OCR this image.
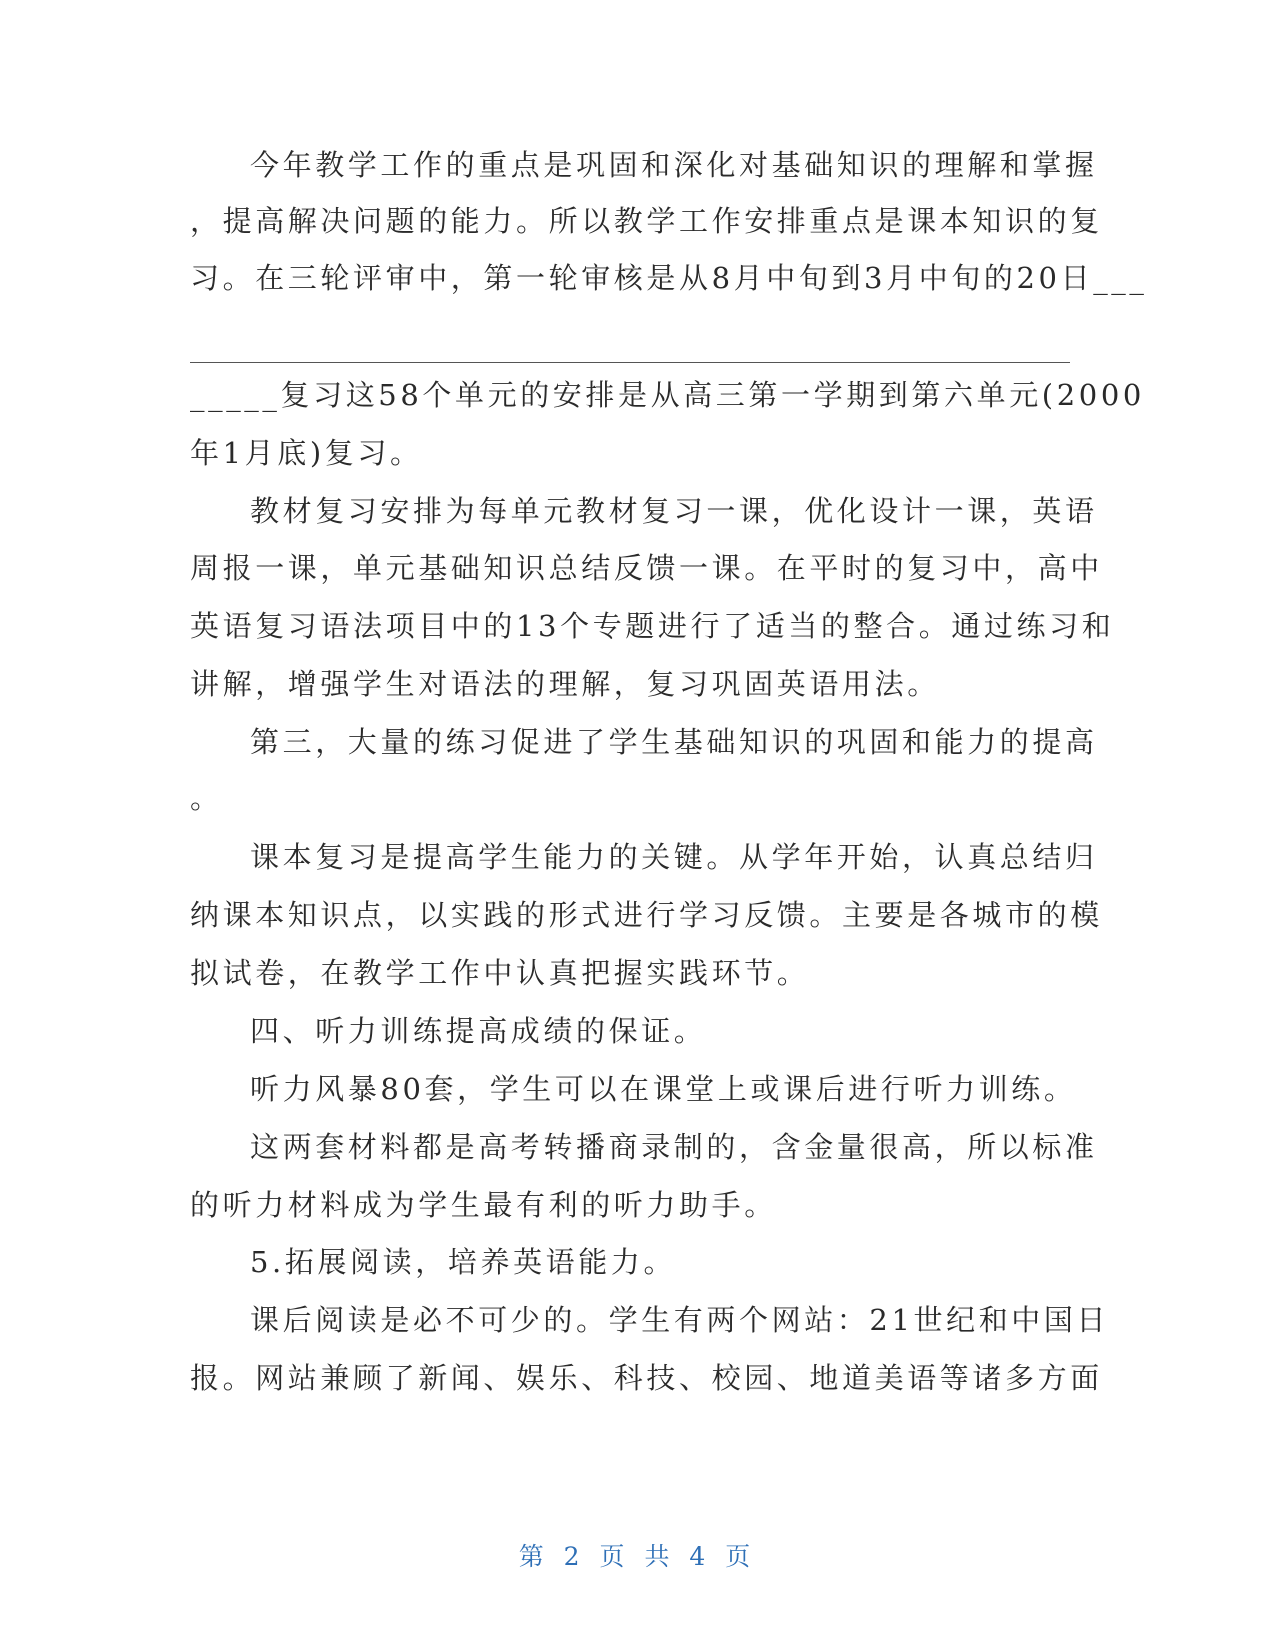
今年教学工作的重点是巩固和深化对基础知识的理解和掌握
，提高解决问题的能力。所以教学工作安排重点是课本知识的复
习。在三轮评审中，第一轮审核是从8月中旬到3月中旬的20日___
_____复习这58个单元的安排是从高三第一学期到第六单元(2000
年1月底)复习。
教材复习安排为每单元教材复习一课，优化设计一课，英语
周报一课，单元基础知识总结反馈一课。在平时的复习中，高中
英语复习语法项目中的13个专题进行了适当的整合。通过练习和
讲解，增强学生对语法的理解，复习巩固英语用法。
第三，大量的练习促进了学生基础知识的巩固和能力的提高
。
课本复习是提高学生能力的关键。从学年开始，认真总结归
纳课本知识点，以实践的形式进行学习反馈。主要是各城市的模
拟试卷，在教学工作中认真把握实践环节。
四、听力训练提高成绩的保证。
听力风暴80套，学生可以在课堂上或课后进行听力训练。
这两套材料都是高考转播商录制的，含金量很高，所以标准
的听力材料成为学生最有利的听力助手。
5.拓展阅读，培养英语能力。
课后阅读是必不可少的。学生有两个网站：21世纪和中国日
报。网站兼顾了新闻、娱乐、科技、校园、地道美语等诸多方面
第 2 页 共 4 页
